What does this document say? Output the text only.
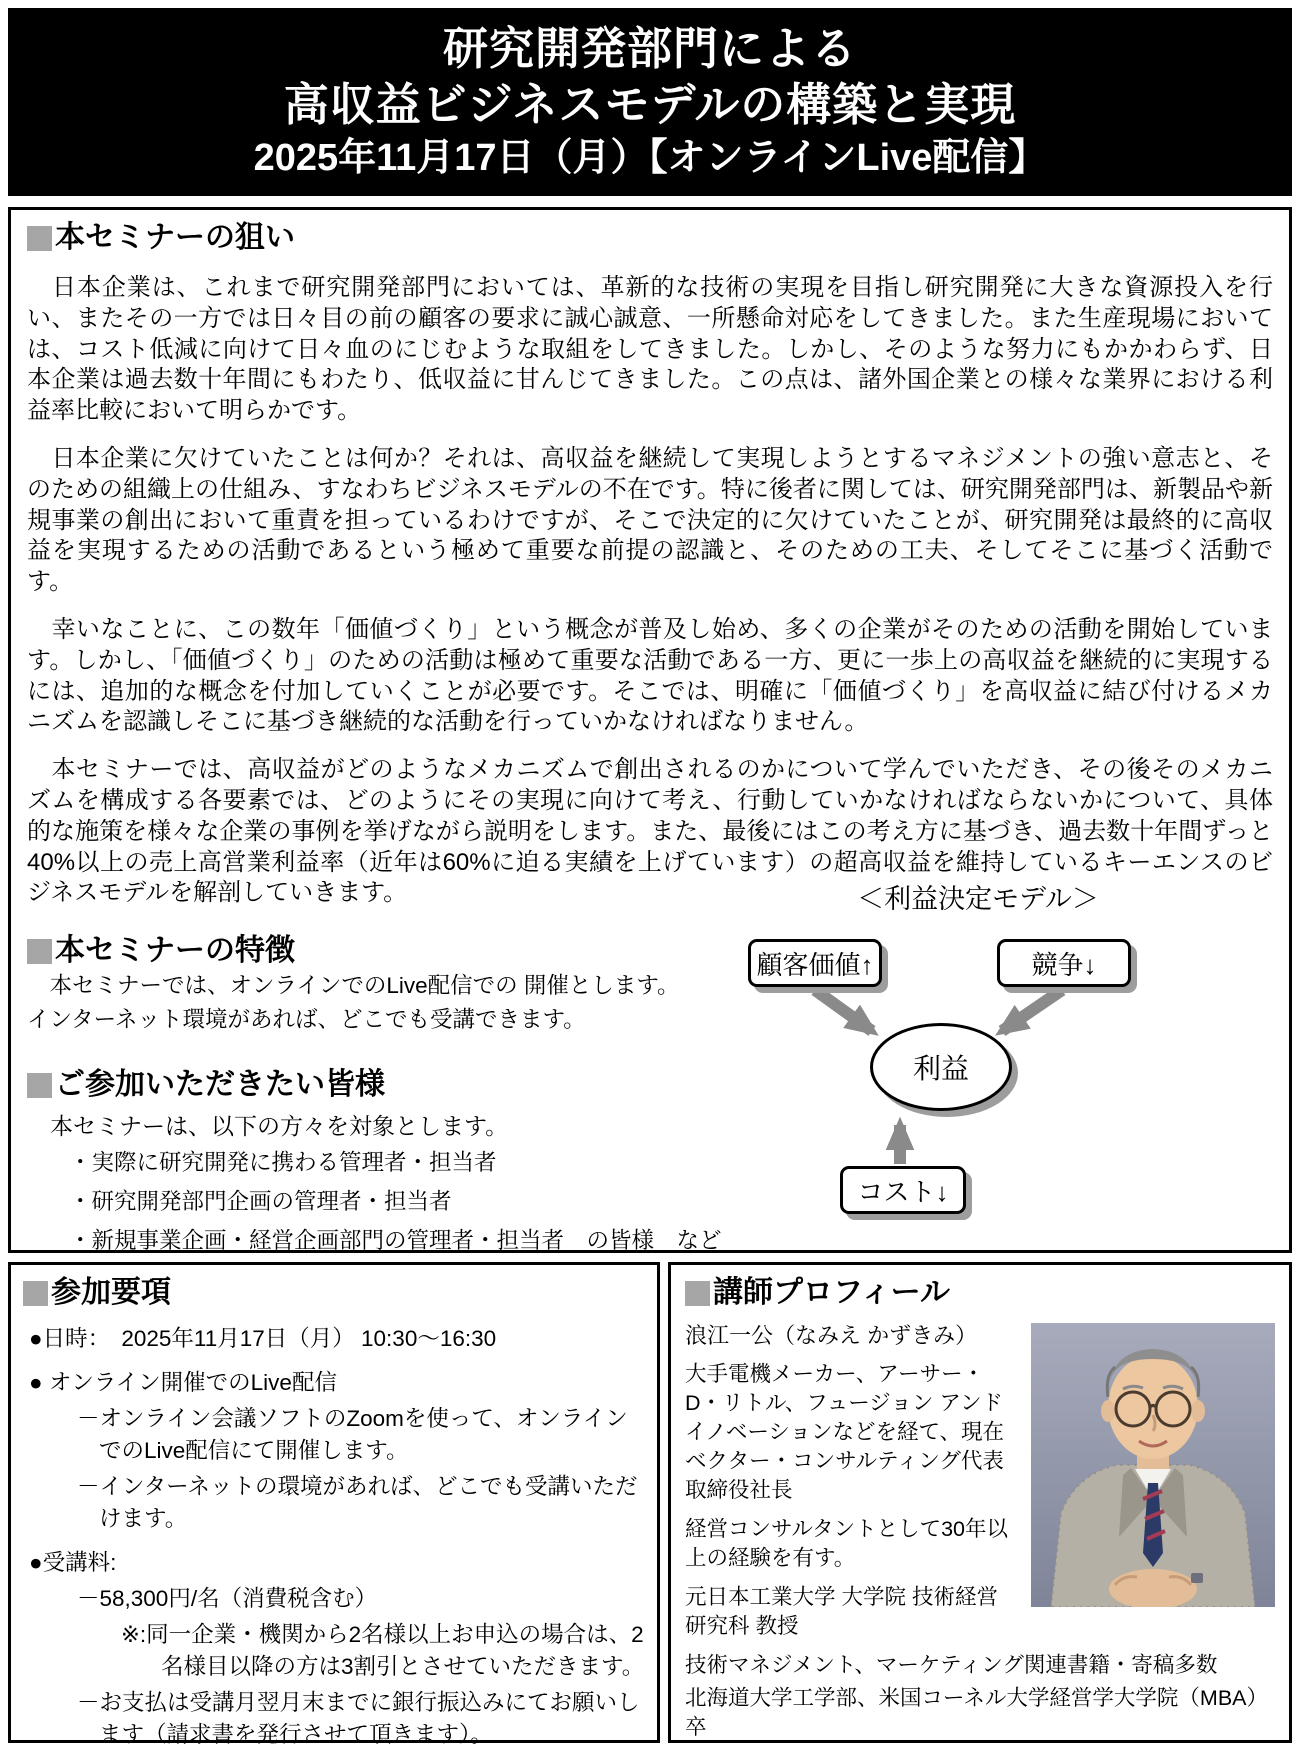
研究開発部門による
高収益ビジネスモデルの構築と実現
2025年11月17日（月）【オンラインLive配信】
本セミナーの狙い

　日本企業は、これまで研究開発部門においては、革新的な技術の実現を目指し研究開発に大きな資源投入を行い、またその一方では日々目の前の顧客の要求に誠心誠意、一所懸命対応をしてきました。また生産現場においては、コスト低減に向けて日々血のにじむような取組をしてきました。しかし、そのような努力にもかかわらず、日本企業は過去数十年間にもわたり、低収益に甘んじてきました。この点は、諸外国企業との様々な業界における利益率比較において明らかです。

　日本企業に欠けていたことは何か？それは、高収益を継続して実現しようとするマネジメントの強い意志と、そのための組織上の仕組み、すなわちビジネスモデルの不在です。特に後者に関しては、研究開発部門は、新製品や新規事業の創出において重責を担っているわけですが、そこで決定的に欠けていたことが、研究開発は最終的に高収益を実現するための活動であるという極めて重要な前提の認識と、そのための工夫、そしてそこに基づく活動です。

　幸いなことに、この数年「価値づくり」という概念が普及し始め、多くの企業がそのための活動を開始しています。しかし、「価値づくり」のための活動は極めて重要な活動である一方、更に一歩上の高収益を継続的に実現するには、追加的な概念を付加していくことが必要です。そこでは、明確に「価値づくり」を高収益に結び付けるメカニズムを認識しそこに基づき継続的な活動を行っていかなければなりません。

　本セミナーでは、高収益がどのようなメカニズムで創出されるのかについて学んでいただき、その後そのメカニズムを構成する各要素では、どのようにその実現に向けて考え、行動していかなければならないかについて、具体的な施策を様々な企業の事例を挙げながら説明をします。また、最後にはこの考え方に基づき、過去数十年間ずっと40%以上の売上高営業利益率（近年は60%に迫る実績を上げています）の超高収益を維持しているキーエンスのビジネスモデルを解剖していきます。

本セミナーの特徴
　本セミナーでは、オンラインでのLive配信での 開催とします。
インターネット環境があれば、どこでも受講できます。
ご参加いただきたい皆様
　本セミナーは、以下の方々を対象とします。
・実際に研究開発に携わる管理者・担当者
・研究開発部門企画の管理者・担当者
・新規事業企画・経営企画部門の管理者・担当者　の皆様　など
＜利益決定モデル＞
顧客価値↑	競争↓
利益
コスト↓
参加要項
●日時：　2025年11月17日（月） 10:30～16:30
● オンライン開催でのLive配信
－オンライン会議ソフトのZoomを使って、オンラインでのLive配信にて開催します。
－インターネットの環境があれば、どこでも受講いただけます。
●受講料:
－58,300円/名（消費税含む）
※:同一企業・機関から2名様以上お申込の場合は、2名様目以降の方は3割引とさせていただきます。
－お支払は受講月翌月末までに銀行振込みにてお願いします（請求書を発行させて頂きます）。
講師プロフィール

浪江一公（なみえ かずきみ）

大手電機メーカー、アーサー・D・リトル、フュージョン アンド イノベーションなどを経て、現在ベクター・コンサルティング代表取締役社長

経営コンサルタントとして30年以上の経験を有す。

元日本工業大学 大学院 技術経営研究科 教授

技術マネジメント、マーケティング関連書籍・寄稿多数

北海道大学工学部、米国コーネル大学経営学大学院（MBA）卒
